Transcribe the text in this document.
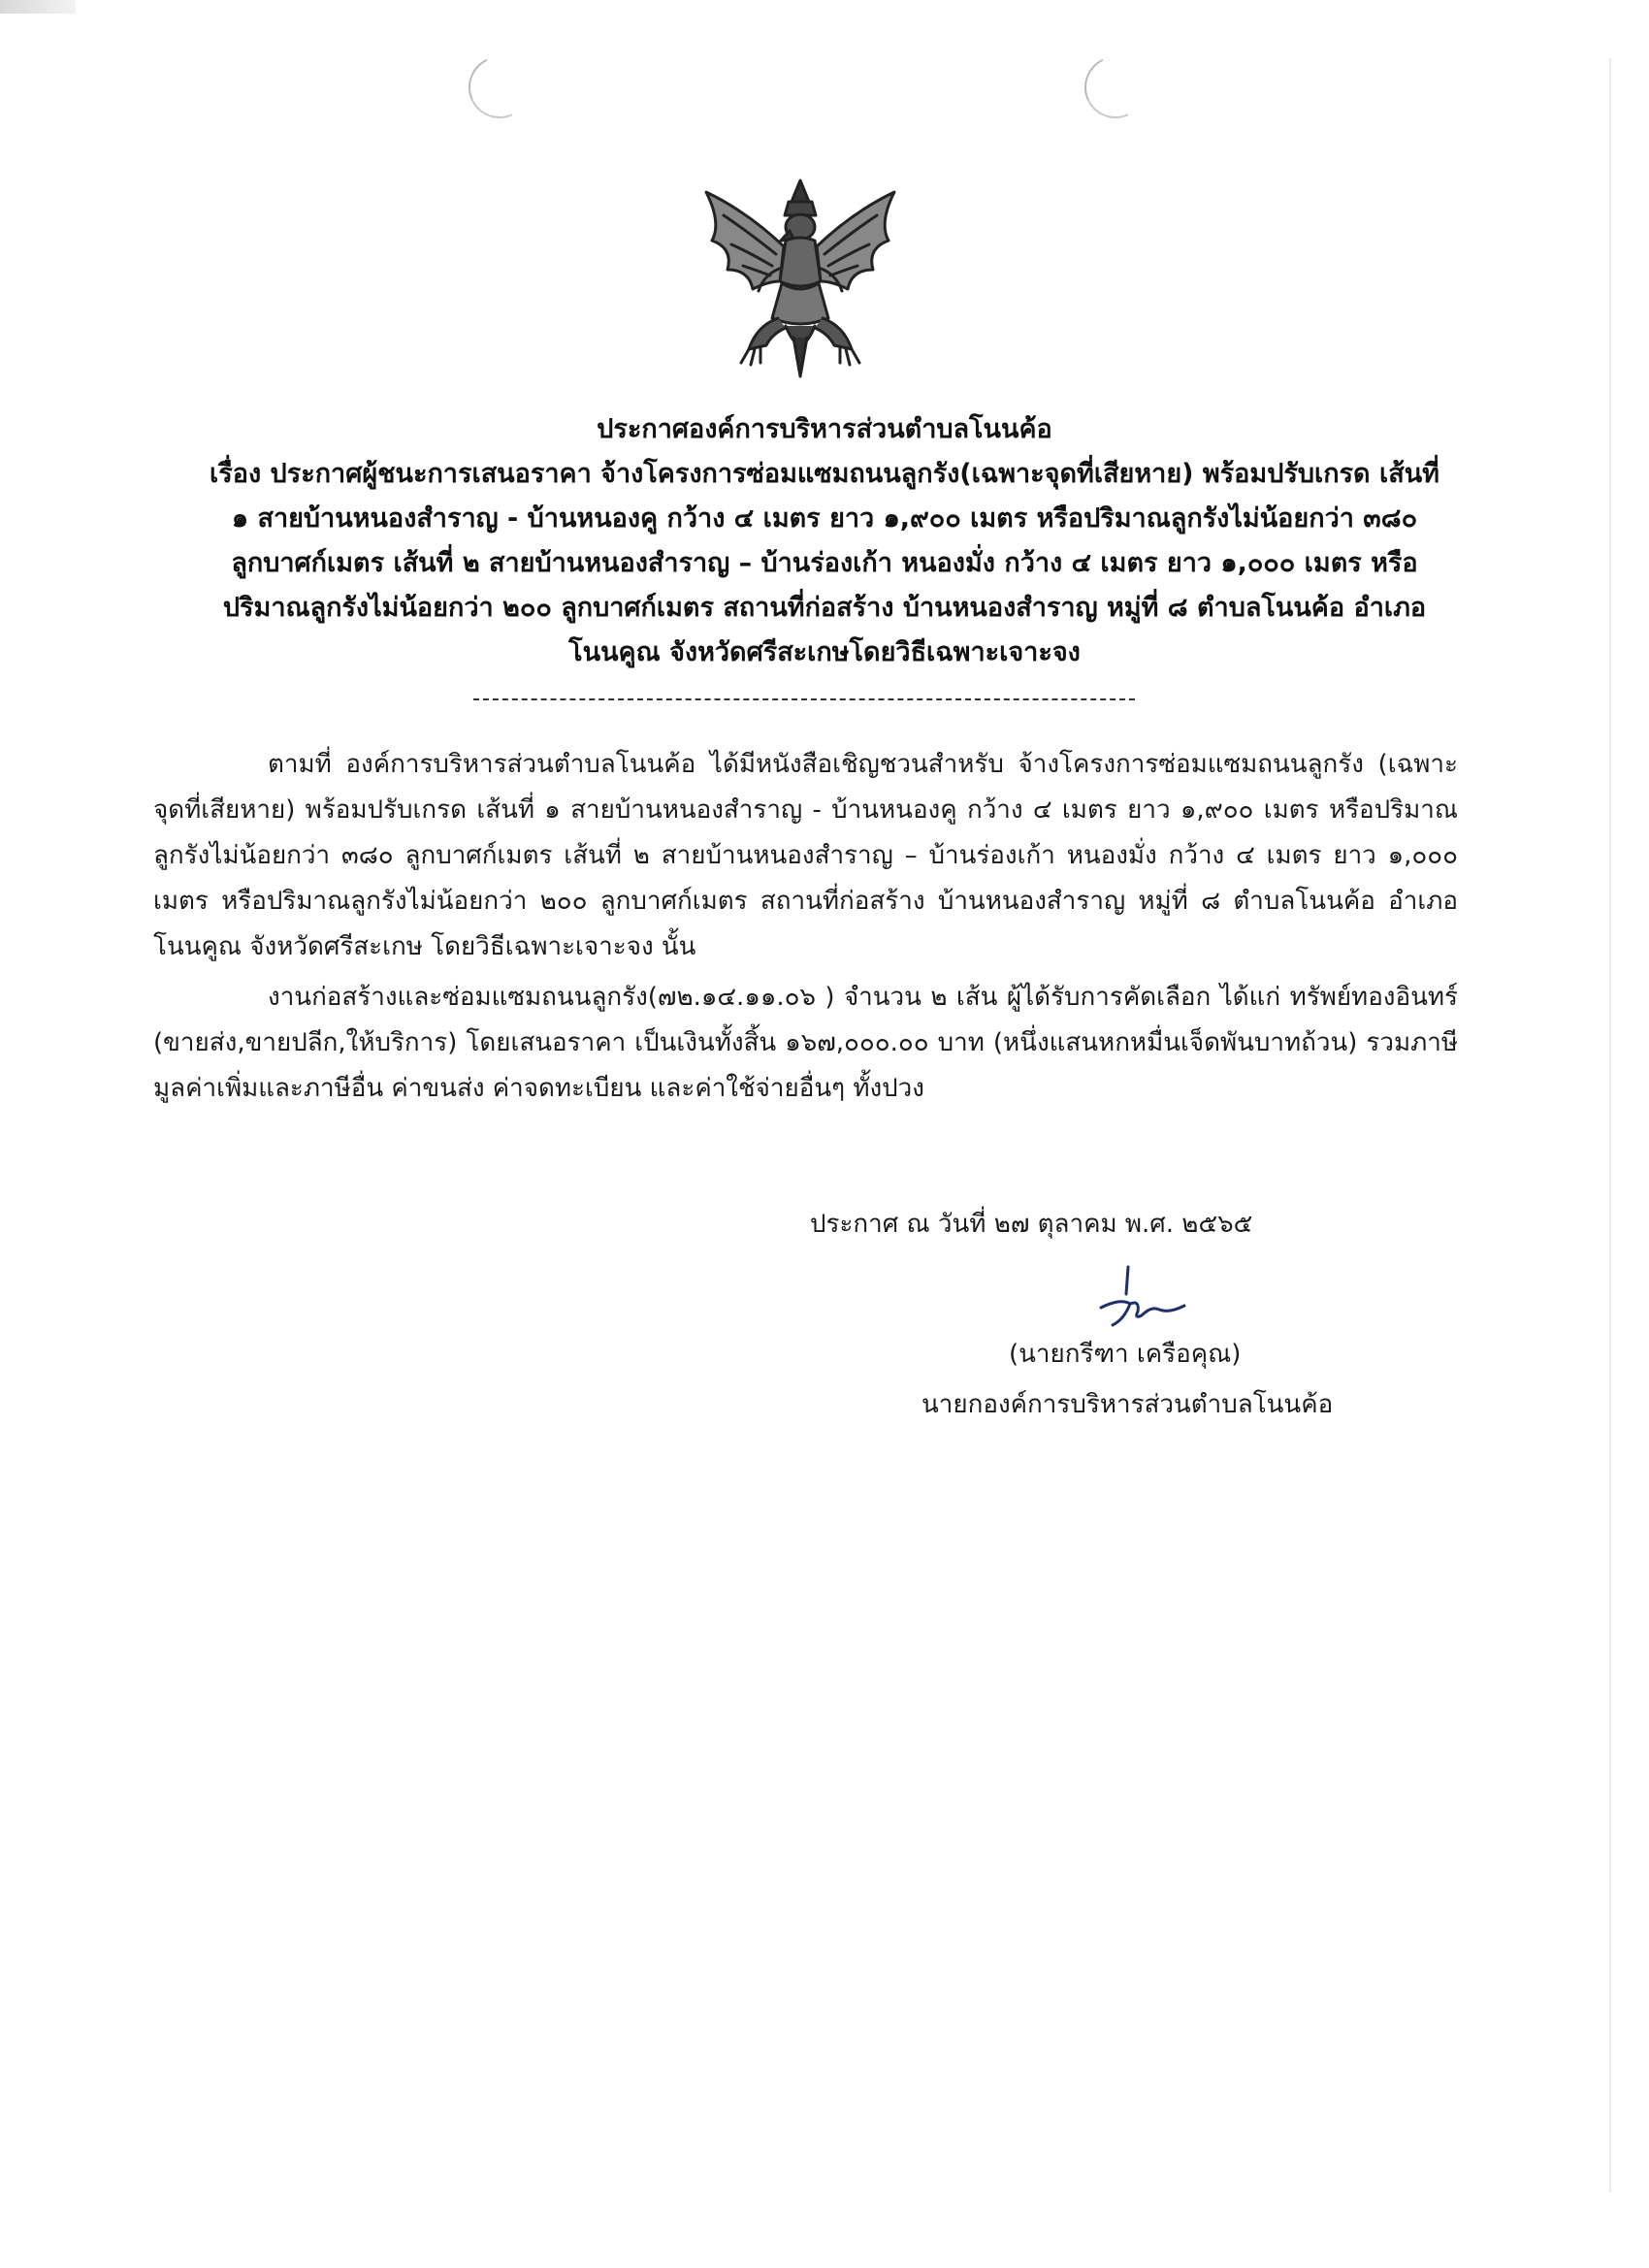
ประกาศองค์การบริหารส่วนตำบลโนนค้อ
เรื่อง ประกาศผู้ชนะการเสนอราคา จ้างโครงการซ่อมแซมถนนลูกรัง(เฉพาะจุดที่เสียหาย) พร้อมปรับเกรด เส้นที่
๑ สายบ้านหนองสำราญ - บ้านหนองคู กว้าง ๔ เมตร ยาว ๑,๙๐๐ เมตร หรือปริมาณลูกรังไม่น้อยกว่า ๓๘๐
ลูกบาศก์เมตร เส้นที่ ๒ สายบ้านหนองสำราญ – บ้านร่องเก้า หนองมั่ง กว้าง ๔ เมตร ยาว ๑,๐๐๐ เมตร หรือ
ปริมาณลูกรังไม่น้อยกว่า ๒๐๐ ลูกบาศก์เมตร สถานที่ก่อสร้าง บ้านหนองสำราญ หมู่ที่ ๘ ตำบลโนนค้อ อำเภอ
โนนคูณ จังหวัดศรีสะเกษโดยวิธีเฉพาะเจาะจง
ตามที่ องค์การบริหารส่วนตำบลโนนค้อ ได้มีหนังสือเชิญชวนสำหรับ จ้างโครงการซ่อมแซมถนนลูกรัง (เฉพาะจุดที่เสียหาย) พร้อมปรับเกรด เส้นที่ ๑ สายบ้านหนองสำราญ - บ้านหนองคู กว้าง ๔ เมตร ยาว ๑,๙๐๐ เมตร หรือปริมาณลูกรังไม่น้อยกว่า ๓๘๐ ลูกบาศก์เมตร เส้นที่ ๒ สายบ้านหนองสำราญ – บ้านร่องเก้า หนองมั่ง กว้าง ๔ เมตร ยาว ๑,๐๐๐ เมตร หรือปริมาณลูกรังไม่น้อยกว่า ๒๐๐ ลูกบาศก์เมตร สถานที่ก่อสร้าง บ้านหนองสำราญ หมู่ที่ ๘ ตำบลโนนค้อ อำเภอโนนคูณ จังหวัดศรีสะเกษ โดยวิธีเฉพาะเจาะจง นั้น
งานก่อสร้างและซ่อมแซมถนนลูกรัง(๗๒.๑๔.๑๑.๐๖ ) จำนวน ๒ เส้น ผู้ได้รับการคัดเลือก ได้แก่ ทรัพย์ทองอินทร์ (ขายส่ง,ขายปลีก,ให้บริการ) โดยเสนอราคา เป็นเงินทั้งสิ้น ๑๖๗,๐๐๐.๐๐ บาท (หนึ่งแสนหกหมื่นเจ็ดพันบาทถ้วน) รวมภาษีมูลค่าเพิ่มและภาษีอื่น ค่าขนส่ง ค่าจดทะเบียน และค่าใช้จ่ายอื่นๆ ทั้งปวง
ประกาศ ณ วันที่ ๒๗ ตุลาคม พ.ศ. ๒๕๖๕
(นายกรีฑา เครือคุณ)
นายกองค์การบริหารส่วนตำบลโนนค้อ
